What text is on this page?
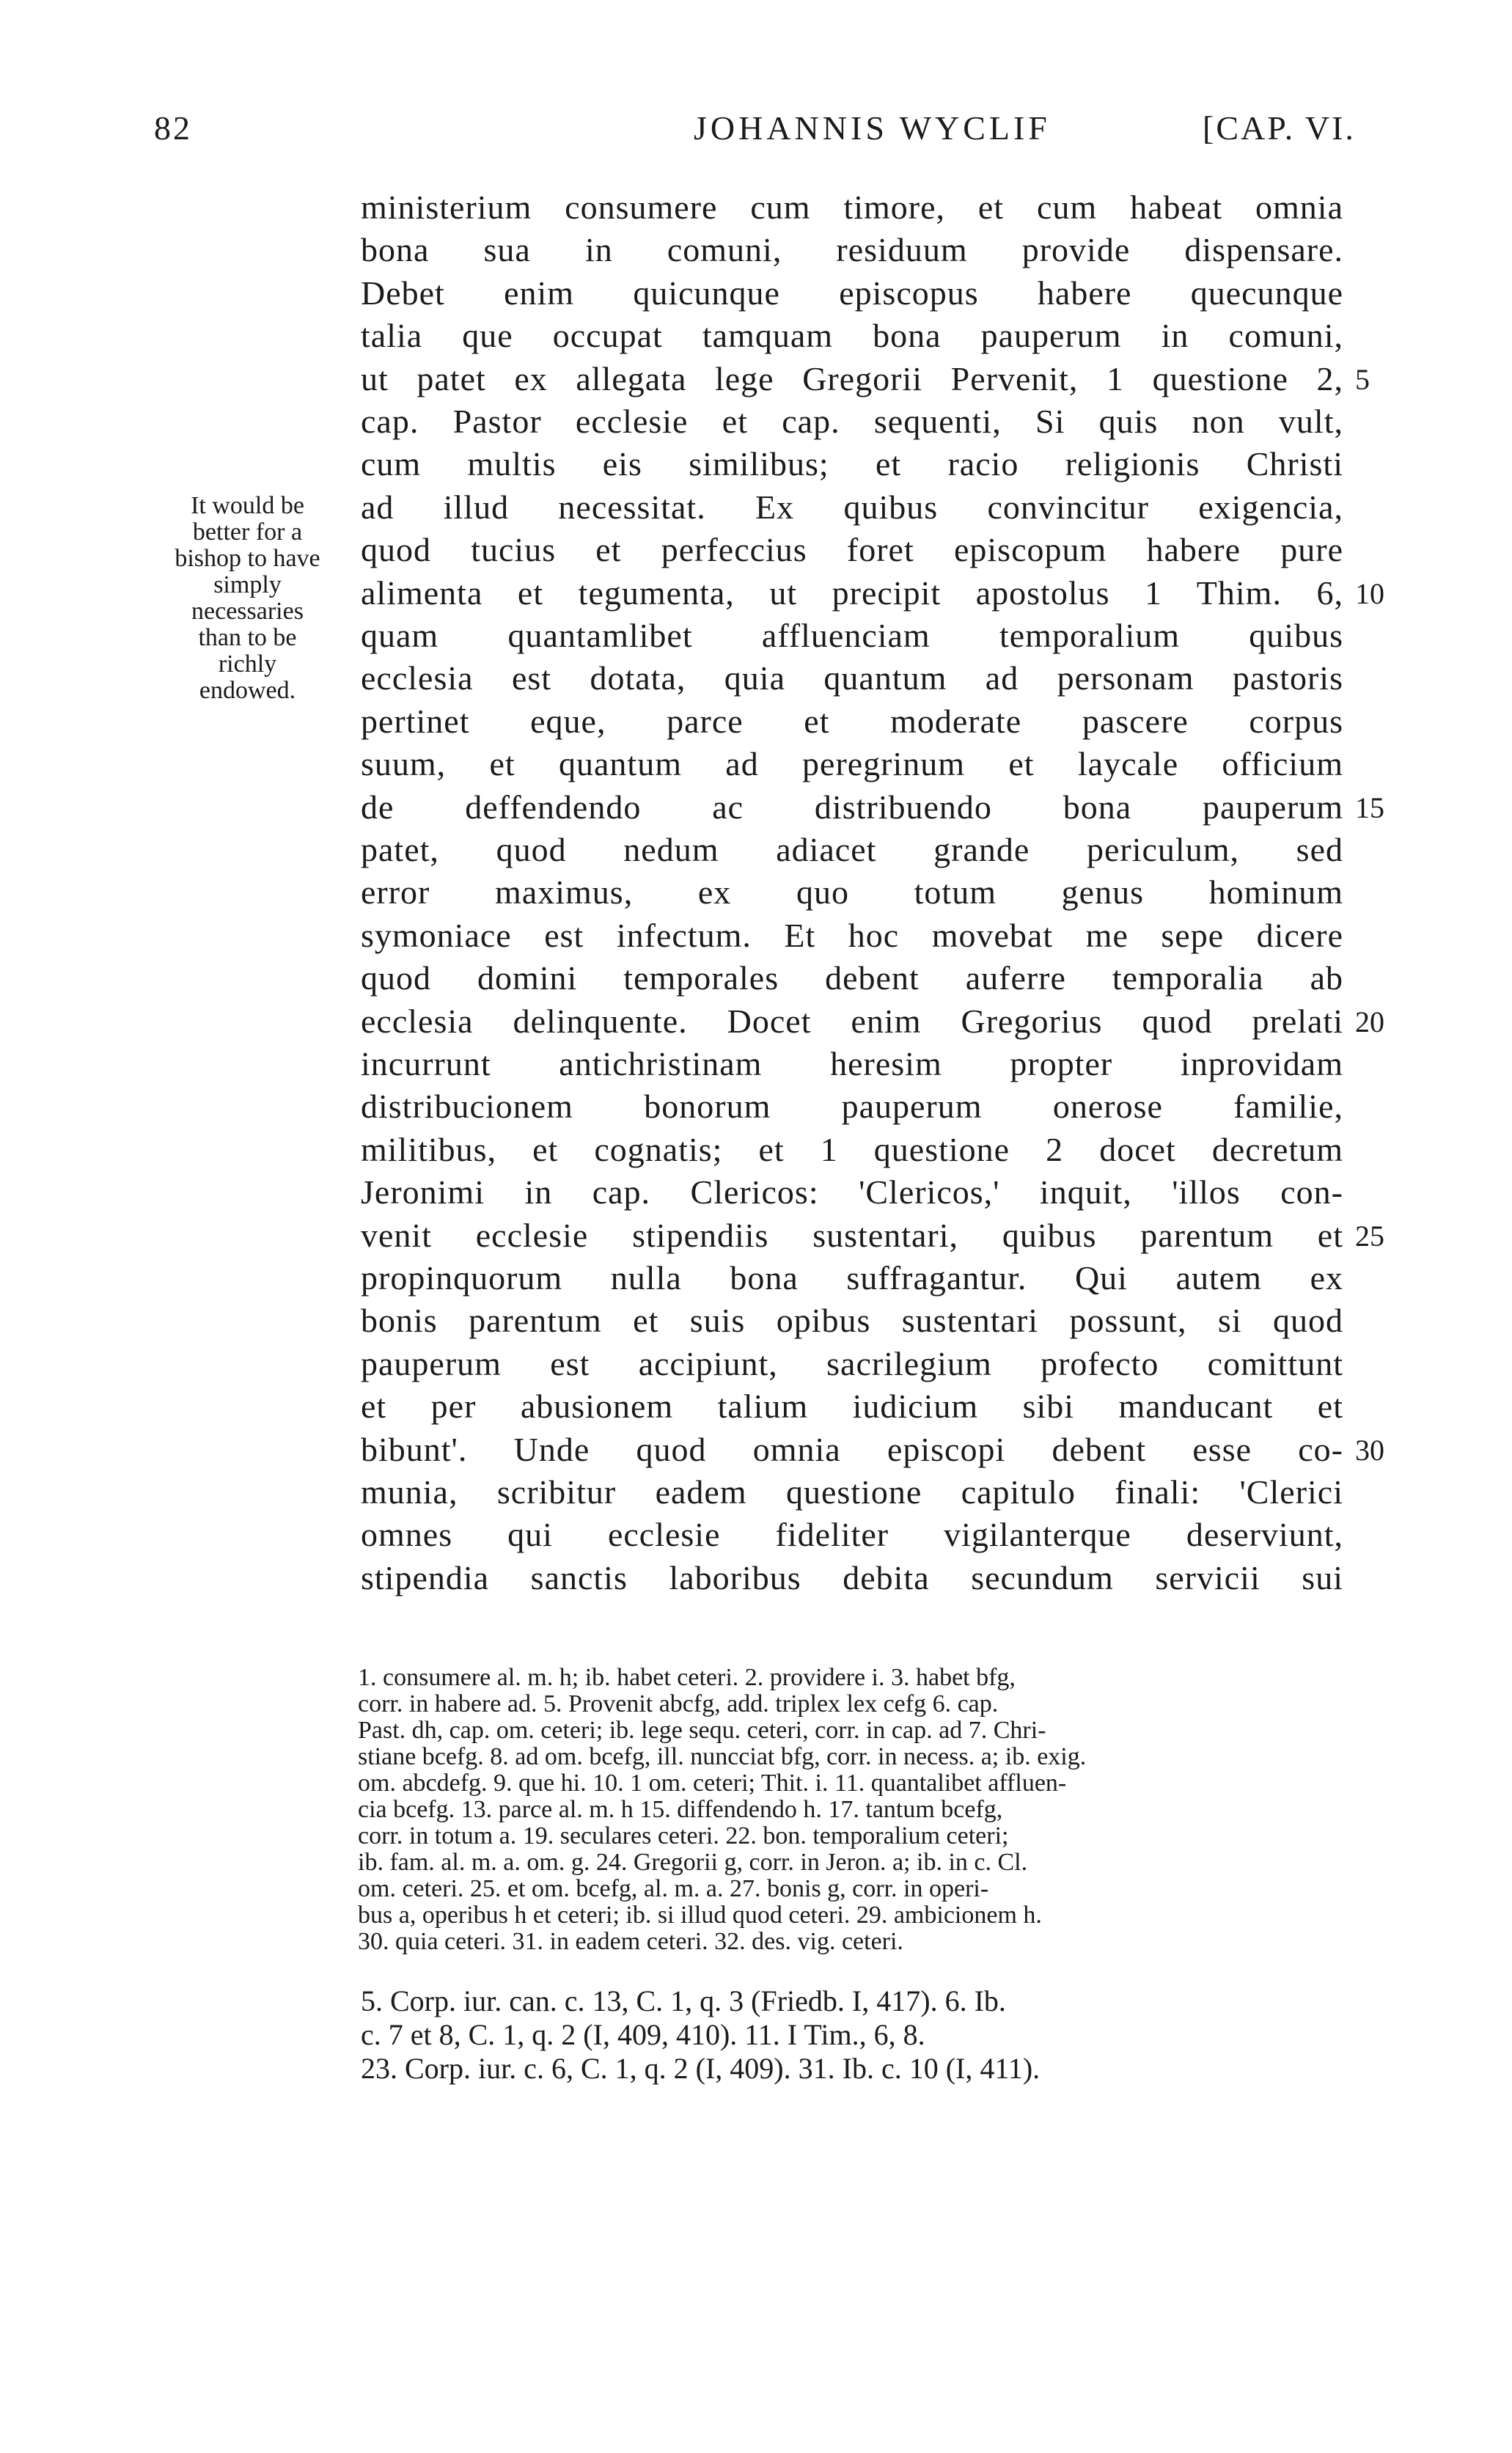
82	JOHANNIS WYCLIF	[CAP. VI.
ministerium consumere cum timore, et cum habeat omnia
bona sua in comuni, residuum provide dispensare.
Debet enim quicunque episcopus habere quecunque
talia que occupat tamquam bona pauperum in comuni,
ut patet ex allegata lege Gregorii Pervenit, 1 questione 2,
cap. Pastor ecclesie et cap. sequenti, Si quis non vult,
cum multis eis similibus; et racio religionis Christi
ad illud necessitat. Ex quibus convincitur exigencia,
quod tucius et perfeccius foret episcopum habere pure
alimenta et tegumenta, ut precipit apostolus 1 Thim. 6,
quam quantamlibet affluenciam temporalium quibus
ecclesia est dotata, quia quantum ad personam pastoris
pertinet eque, parce et moderate pascere corpus
suum, et quantum ad peregrinum et laycale officium
de deffendendo ac distribuendo bona pauperum
patet, quod nedum adiacet grande periculum, sed
error maximus, ex quo totum genus hominum
symoniace est infectum. Et hoc movebat me sepe dicere
quod domini temporales debent auferre temporalia ab
ecclesia delinquente. Docet enim Gregorius quod prelati
incurrunt antichristinam heresim propter inprovidam
distribucionem bonorum pauperum onerose familie,
militibus, et cognatis; et 1 questione 2 docet decretum
Jeronimi in cap. Clericos: 'Clericos,' inquit, 'illos con-
venit ecclesie stipendiis sustentari, quibus parentum et
propinquorum nulla bona suffragantur. Qui autem ex
bonis parentum et suis opibus sustentari possunt, si quod
pauperum est accipiunt, sacrilegium profecto comittunt
et per abusionem talium iudicium sibi manducant et
bibunt'. Unde quod omnia episcopi debent esse co-
munia, scribitur eadem questione capitulo finali: 'Clerici
omnes qui ecclesie fideliter vigilanterque deserviunt,
stipendia sanctis laboribus debita secundum servicii sui
5
10
15
20
25
30
It would be
better for a
bishop to have
simply
necessaries
than to be
richly
endowed.

1. consumere al. m. h; ib. habet ceteri. 2. providere i. 3. habet bfg,

corr. in habere ad. 5. Provenit abcfg, add. triplex lex cefg 6. cap.

Past. dh, cap. om. ceteri; ib. lege sequ. ceteri, corr. in cap. ad 7. Chri-

stiane bcefg. 8. ad om. bcefg, ill. nuncciat bfg, corr. in necess. a; ib. exig.

om. abcdefg. 9. que hi. 10. 1 om. ceteri; Thit. i. 11. quantalibet affluen-

cia bcefg. 13. parce al. m. h 15. diffendendo h. 17. tantum bcefg,

corr. in totum a. 19. seculares ceteri. 22. bon. temporalium ceteri;

ib. fam. al. m. a. om. g. 24. Gregorii g, corr. in Jeron. a; ib. in c. Cl.

om. ceteri. 25. et om. bcefg, al. m. a. 27. bonis g, corr. in operi-

bus a, operibus h et ceteri; ib. si illud quod ceteri. 29. ambicionem h.

30. quia ceteri. 31. in eadem ceteri. 32. des. vig. ceteri.

5. Corp. iur. can. c. 13, C. 1, q. 3 (Friedb. I, 417). 6. Ib.

c. 7 et 8, C. 1, q. 2 (I, 409, 410). 11. I Tim., 6, 8.

23. Corp. iur. c. 6, C. 1, q. 2 (I, 409). 31. Ib. c. 10 (I, 411).
